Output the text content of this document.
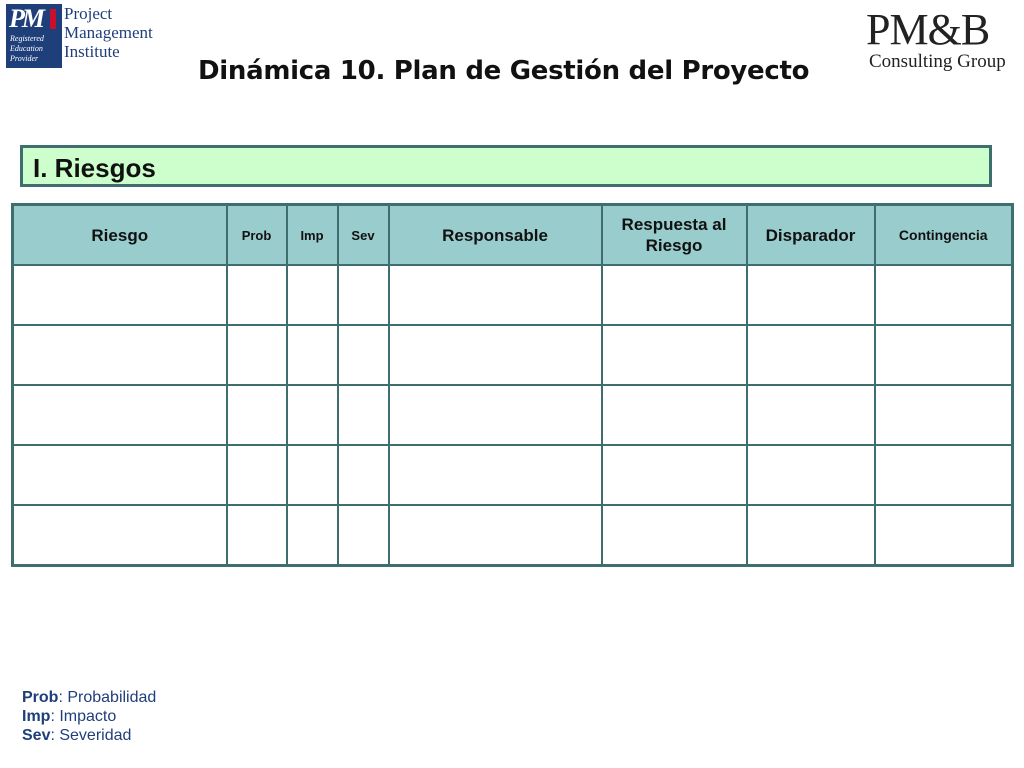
PM
Registered
Education
Provider
Project
Management
Institute	PM&B
Consulting Group
Dinámica 10. Plan de Gestión del Proyecto
I. Riesgos
Riesgo	Prob	Imp	Sev	Responsable	Respuesta al Riesgo	Disparador	Contingencia

Prob: Probabilidad
Imp: Impacto
Sev: Severidad
